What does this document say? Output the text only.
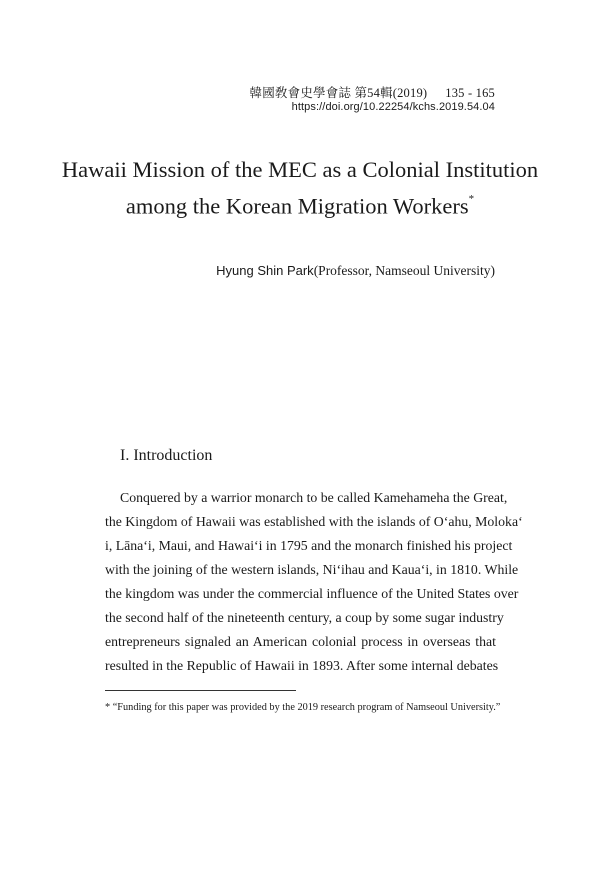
韓國敎會史學會誌 第54輯(2019) 135 - 165
https://doi.org/10.22254/kchs.2019.54.04
Hawaii Mission of the MEC as a Colonial Institution
among the Korean Migration Workers*
Hyung Shin Park(Professor, Namseoul University)
I. Introduction
Conquered by a warrior monarch to be called Kamehameha the Great,
the Kingdom of Hawaii was established with the islands of O‘ahu, Moloka‘
i, Lāna‘i, Maui, and Hawai‘i in 1795 and the monarch finished his project
with the joining of the western islands, Ni‘ihau and Kaua‘i, in 1810. While
the kingdom was under the commercial influence of the United States over
the second half of the nineteenth century, a coup by some sugar industry
entrepreneurs signaled an American colonial process in overseas that
resulted in the Republic of Hawaii in 1893. After some internal debates
* “Funding for this paper was provided by the 2019 research program of Namseoul University.”
